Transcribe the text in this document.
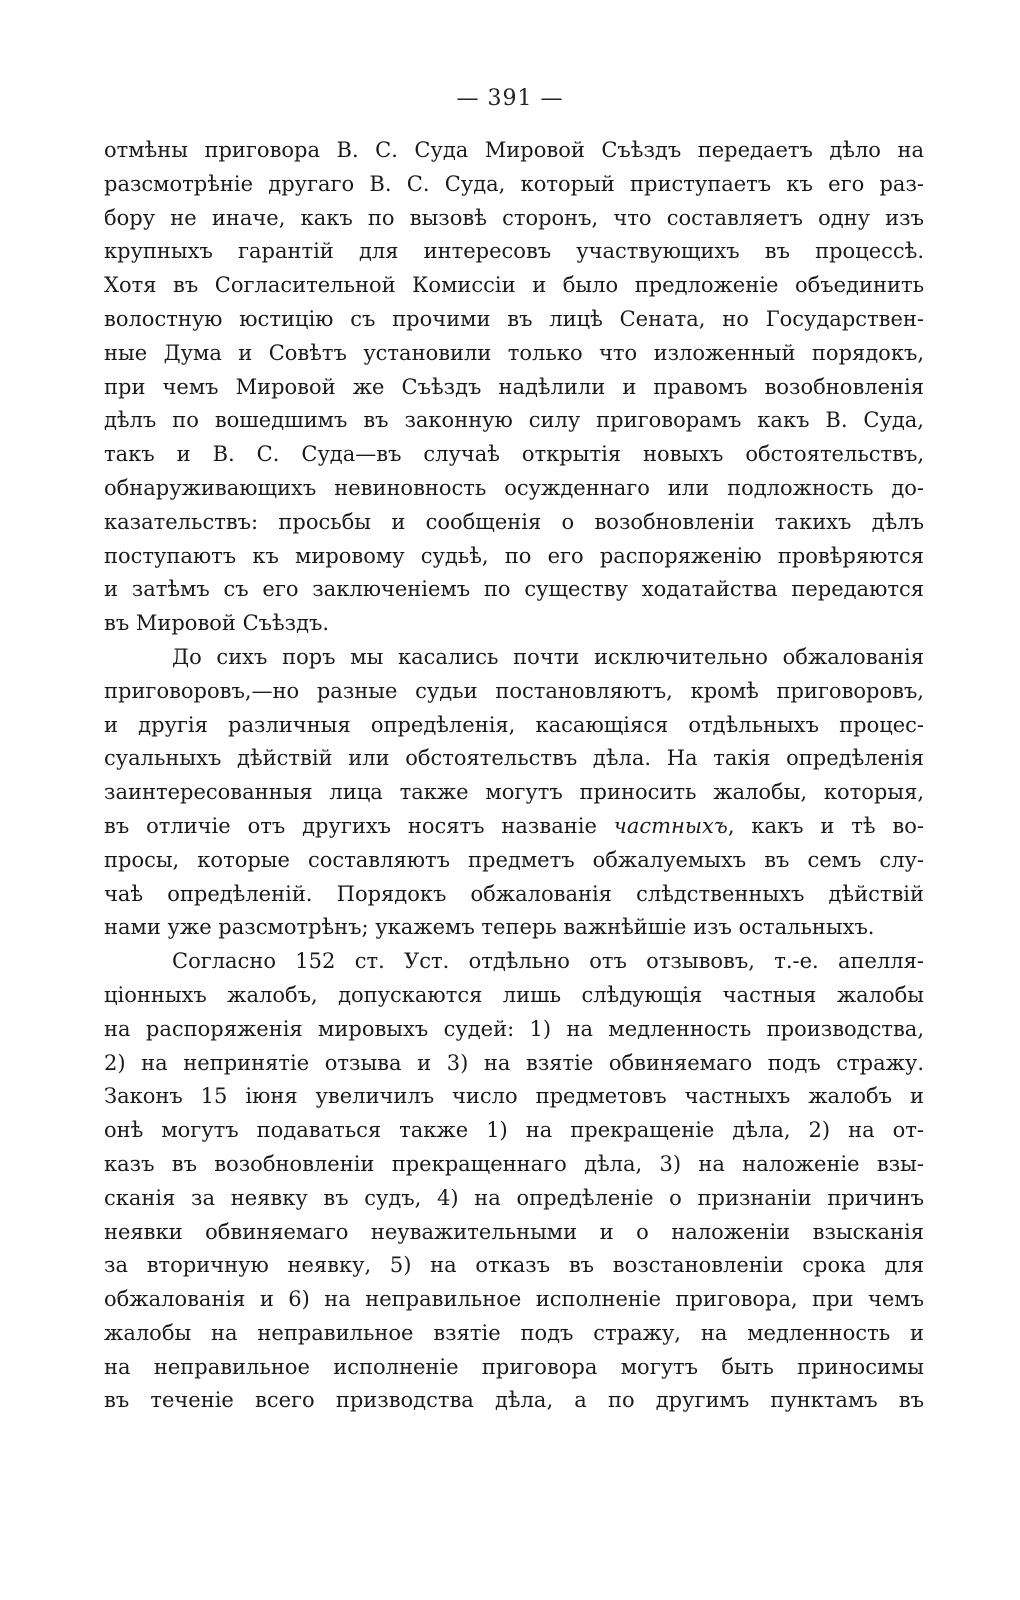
— 391 —
отмѣны приговора В. С. Суда Мировой Съѣздъ передаетъ дѣло на
разсмотрѣніе другаго В. С. Суда, который приступаетъ къ его раз-
бору не иначе, какъ по вызовѣ сторонъ, что составляетъ одну изъ
крупныхъ гарантій для интересовъ участвующихъ въ процессѣ.
Хотя въ Согласительной Комиссіи и было предложеніе объединить
волостную юстицію съ прочими въ лицѣ Сената, но Государствен-
ные Дума и Совѣтъ установили только что изложенный порядокъ,
при чемъ Мировой же Съѣздъ надѣлили и правомъ возобновленія
дѣлъ по вошедшимъ въ законную силу приговорамъ какъ В. Суда,
такъ и В. С. Суда—въ случаѣ открытія новыхъ обстоятельствъ,
обнаруживающихъ невиновность осужденнаго или подложность до-
казательствъ: просьбы и сообщенія о возобновленіи такихъ дѣлъ
поступаютъ къ мировому судьѣ, по его распоряженію провѣряются
и затѣмъ съ его заключеніемъ по существу ходатайства передаются
въ Мировой Съѣздъ.
До сихъ поръ мы касались почти исключительно обжалованія
приговоровъ,—но разные судьи постановляютъ, кромѣ приговоровъ,
и другія различныя опредѣленія, касающіяся отдѣльныхъ процес-
суальныхъ дѣйствій или обстоятельствъ дѣла. На такія опредѣленія
заинтересованныя лица также могутъ приносить жалобы, которыя,
въ отличіе отъ другихъ носятъ названіе частныхъ, какъ и тѣ во-
просы, которые составляютъ предметъ обжалуемыхъ въ семъ слу-
чаѣ опредѣленій. Порядокъ обжалованія слѣдственныхъ дѣйствій
нами уже разсмотрѣнъ; укажемъ теперь важнѣйшіе изъ остальныхъ.
Согласно 152 ст. Уст. отдѣльно отъ отзывовъ, т.-е. апелля-
ціонныхъ жалобъ, допускаются лишь слѣдующія частныя жалобы
на распоряженія мировыхъ судей: 1) на медленность производства,
2) на непринятіе отзыва и 3) на взятіе обвиняемаго подъ стражу.
Законъ 15 іюня увеличилъ число предметовъ частныхъ жалобъ и
онѣ могутъ подаваться также 1) на прекращеніе дѣла, 2) на от-
казъ въ возобновленіи прекращеннаго дѣла, 3) на наложеніе взы-
сканія за неявку въ судъ, 4) на опредѣленіе о признаніи причинъ
неявки обвиняемаго неуважительными и о наложеніи взысканія
за вторичную неявку, 5) на отказъ въ возстановленіи срока для
обжалованія и 6) на неправильное исполненіе приговора, при чемъ
жалобы на неправильное взятіе подъ стражу, на медленность и
на неправильное исполненіе приговора могутъ быть приносимы
въ теченіе всего призводства дѣла, а по другимъ пунктамъ въ
